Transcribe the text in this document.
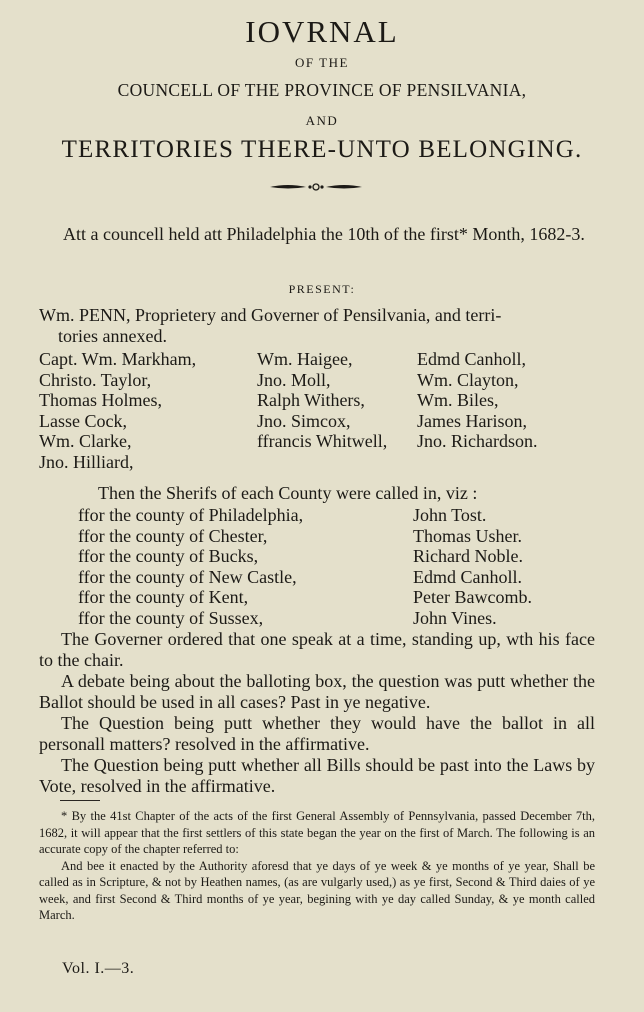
IOVRNAL
OF THE
COUNCELL OF THE PROVINCE OF PENSILVANIA,
AND
TERRITORIES THERE-UNTO BELONGING.
Att a councell held att Philadelphia the 10th of the first* Month, 1682-3.
PRESENT:
Wm. PENN, Proprietery and Governer of Pensilvania, and terri-
tories annexed.
Capt. Wm. Markham,	Wm. Haigee,	Edmd Canholl,
Christo. Taylor,	Jno. Moll,	Wm. Clayton,
Thomas Holmes,	Ralph Withers,	Wm. Biles,
Lasse Cock,	Jno. Simcox,	James Harison,
Wm. Clarke,	ffrancis Whitwell,	Jno. Richardson.
Jno. Hilliard,
Then the Sherifs of each County were called in, viz :
ffor the county of Philadelphia,	John Tost.
ffor the county of Chester,	Thomas Usher.
ffor the county of Bucks,	Richard Noble.
ffor the county of New Castle,	Edmd Canholl.
ffor the county of Kent,	Peter Bawcomb.
ffor the county of Sussex,	John Vines.

The Governer ordered that one speak at a time, standing up, wth his face to the chair.

A debate being about the balloting box, the question was putt whether the Ballot should be used in all cases? Past in ye negative.

The Question being putt whether they would have the ballot in all personall matters? resolved in the affirmative.

The Question being putt whether all Bills should be past into the Laws by Vote, resolved in the affirmative.

* By the 41st Chapter of the acts of the first General Assembly of Pennsylvania, passed December 7th, 1682, it will appear that the first settlers of this state began the year on the first of March. The following is an accurate copy of the chapter referred to:

And bee it enacted by the Authority aforesd that ye days of ye week & ye months of ye year, Shall be called as in Scripture, & not by Heathen names, (as are vulgarly used,) as ye first, Second & Third daies of ye week, and first Second & Third months of ye year, begining with ye day called Sunday, & ye month called March.

Vol. I.—3.
